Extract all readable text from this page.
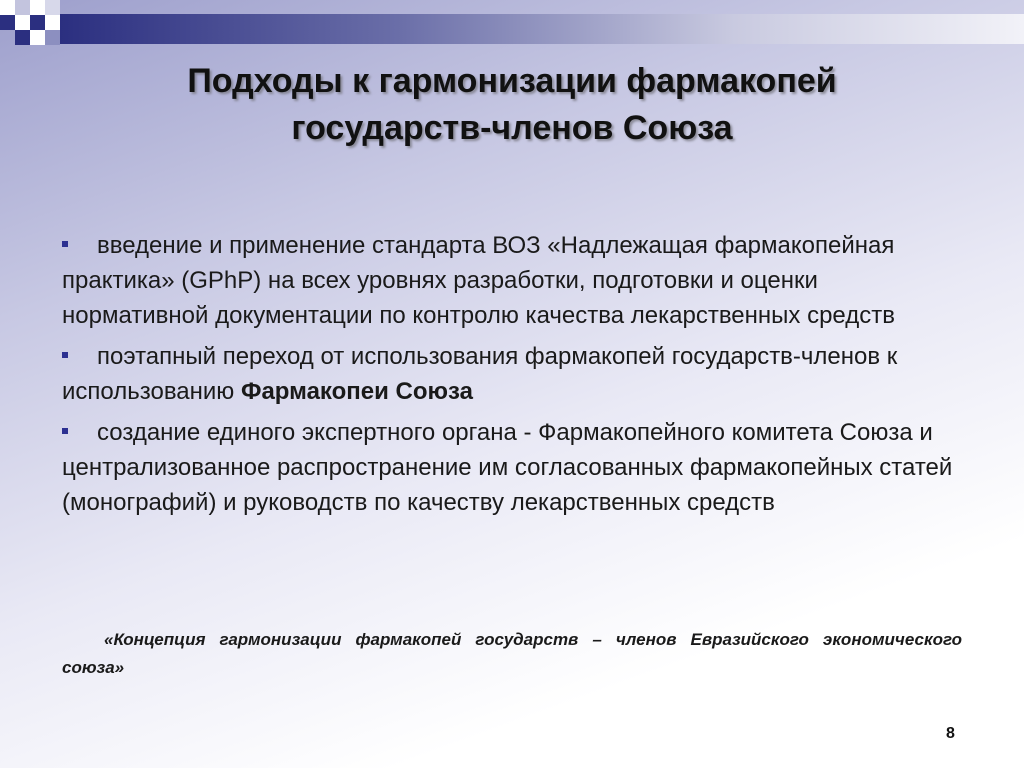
Подходы к гармонизации фармакопей
государств-членов Союза
введение и применение стандарта ВОЗ «Надлежащая фармакопейная практика» (GPhP) на всех уровнях разработки, подготовки и оценки нормативной документации по контролю качества лекарственных средств
поэтапный переход от использования фармакопей государств-членов к использованию Фармакопеи Союза
создание единого экспертного органа - Фармакопейного комитета Союза и централизованное распространение им согласованных фармакопейных статей (монографий) и руководств по качеству лекарственных средств
«Концепция гармонизации фармакопей государств – членов Евразийского экономического союза»
8
